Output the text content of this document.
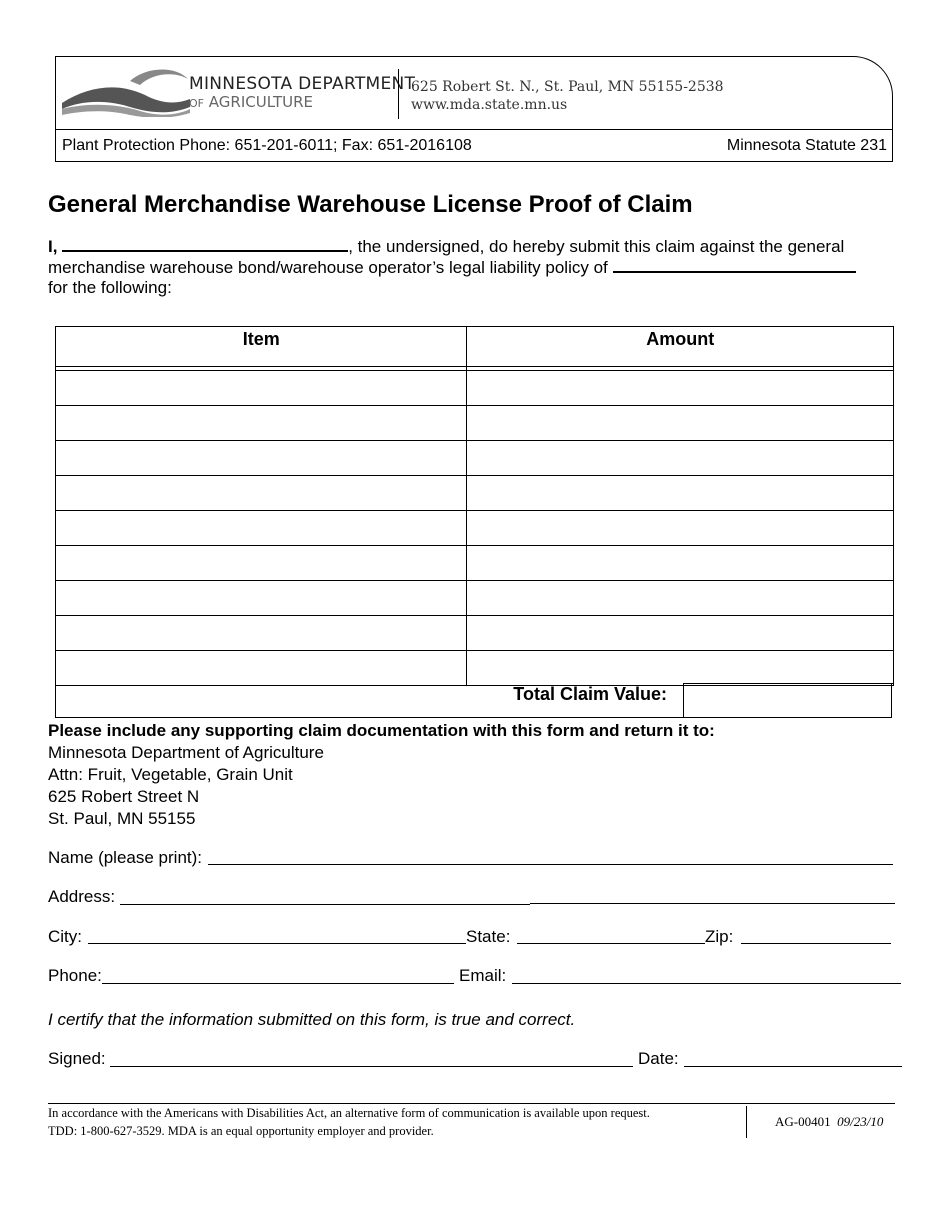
MINNESOTA DEPARTMENT
OF AGRICULTURE
625 Robert St. N., St. Paul, MN 55155-2538
www.mda.state.mn.us
Plant Protection Phone: 651-201-6011; Fax: 651-2016108	Minnesota Statute 231
General Merchandise Warehouse License Proof of Claim
I,	, the undersigned, do hereby submit this claim against the general
merchandise warehouse bond/warehouse operator’s legal liability policy of
for the following:
Item	Amount

Total Claim Value:
Please include any supporting claim documentation with this form and return it to:
Minnesota Department of Agriculture
Attn: Fruit, Vegetable, Grain Unit
625 Robert Street N
St. Paul, MN 55155
Name (please print):
Address:
City:	State:	Zip:
Phone:	Email:
I certify that the information submitted on this form, is true and correct.
Signed:	Date:
In accordance with the Americans with Disabilities Act, an alternative form of communication is available upon request.
TDD: 1-800-627-3529. MDA is an equal opportunity employer and provider.
AG-00401 09/23/10
